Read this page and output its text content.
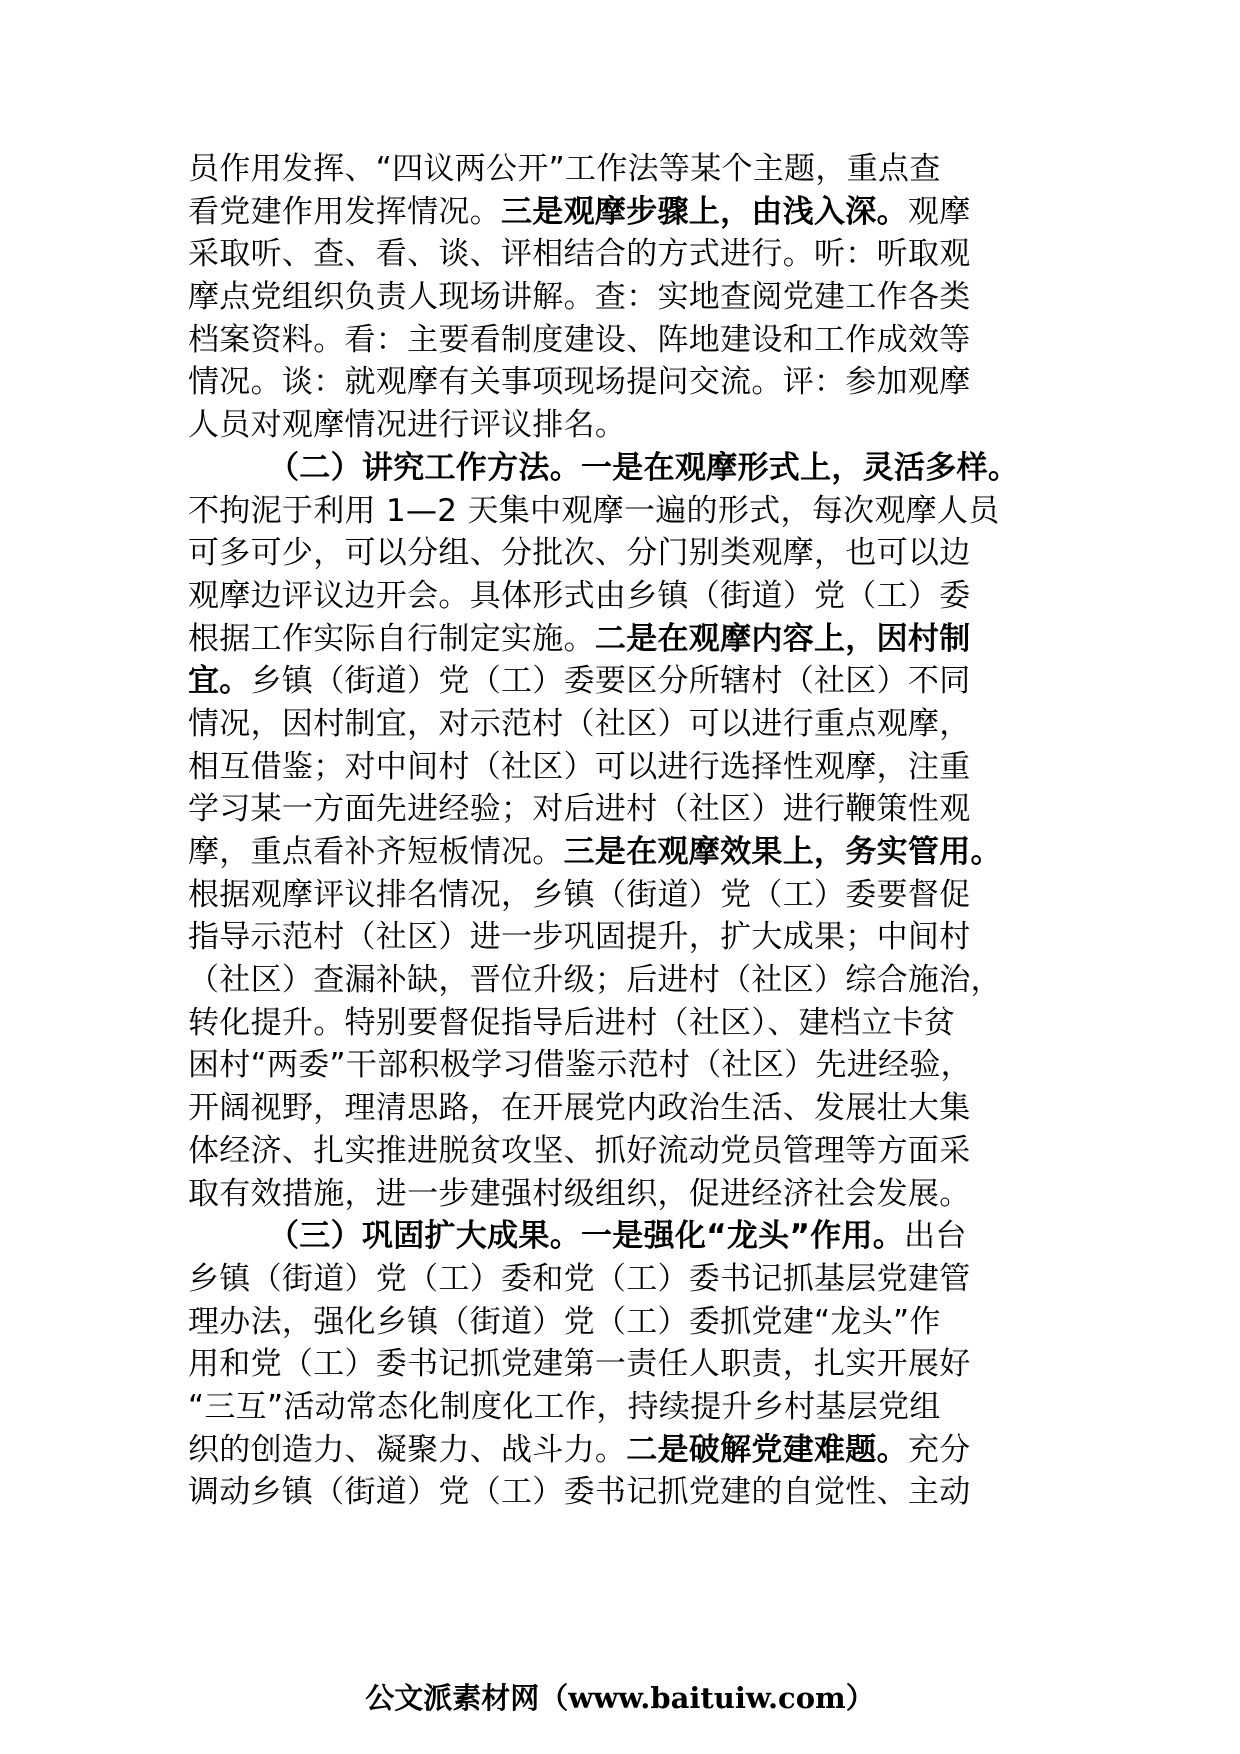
员作用发挥、“四议两公开”工作法等某个主题，重点查
看党建作用发挥情况。三是观摩步骤上，由浅入深。观摩
采取听、查、看、谈、评相结合的方式进行。听：听取观
摩点党组织负责人现场讲解。查：实地查阅党建工作各类
档案资料。看：主要看制度建设、阵地建设和工作成效等
情况。谈：就观摩有关事项现场提问交流。评：参加观摩
人员对观摩情况进行评议排名。
（二）讲究工作方法。一是在观摩形式上，灵活多样。
不拘泥于利用 1—2 天集中观摩一遍的形式，每次观摩人员
可多可少，可以分组、分批次、分门别类观摩，也可以边
观摩边评议边开会。具体形式由乡镇（街道）党（工）委
根据工作实际自行制定实施。二是在观摩内容上，因村制
宜。乡镇（街道）党（工）委要区分所辖村（社区）不同
情况，因村制宜，对示范村（社区）可以进行重点观摩，
相互借鉴；对中间村（社区）可以进行选择性观摩，注重
学习某一方面先进经验；对后进村（社区）进行鞭策性观
摩，重点看补齐短板情况。三是在观摩效果上，务实管用。
根据观摩评议排名情况，乡镇（街道）党（工）委要督促
指导示范村（社区）进一步巩固提升，扩大成果；中间村
（社区）查漏补缺，晋位升级；后进村（社区）综合施治，
转化提升。特别要督促指导后进村（社区）、建档立卡贫
困村“两委”干部积极学习借鉴示范村（社区）先进经验，
开阔视野，理清思路，在开展党内政治生活、发展壮大集
体经济、扎实推进脱贫攻坚、抓好流动党员管理等方面采
取有效措施，进一步建强村级组织，促进经济社会发展。
（三）巩固扩大成果。一是强化“龙头”作用。出台
乡镇（街道）党（工）委和党（工）委书记抓基层党建管
理办法，强化乡镇（街道）党（工）委抓党建“龙头”作
用和党（工）委书记抓党建第一责任人职责，扎实开展好
“三互”活动常态化制度化工作，持续提升乡村基层党组
织的创造力、凝聚力、战斗力。二是破解党建难题。充分
调动乡镇（街道）党（工）委书记抓党建的自觉性、主动
公文派素材网（www.baituiw.com）
